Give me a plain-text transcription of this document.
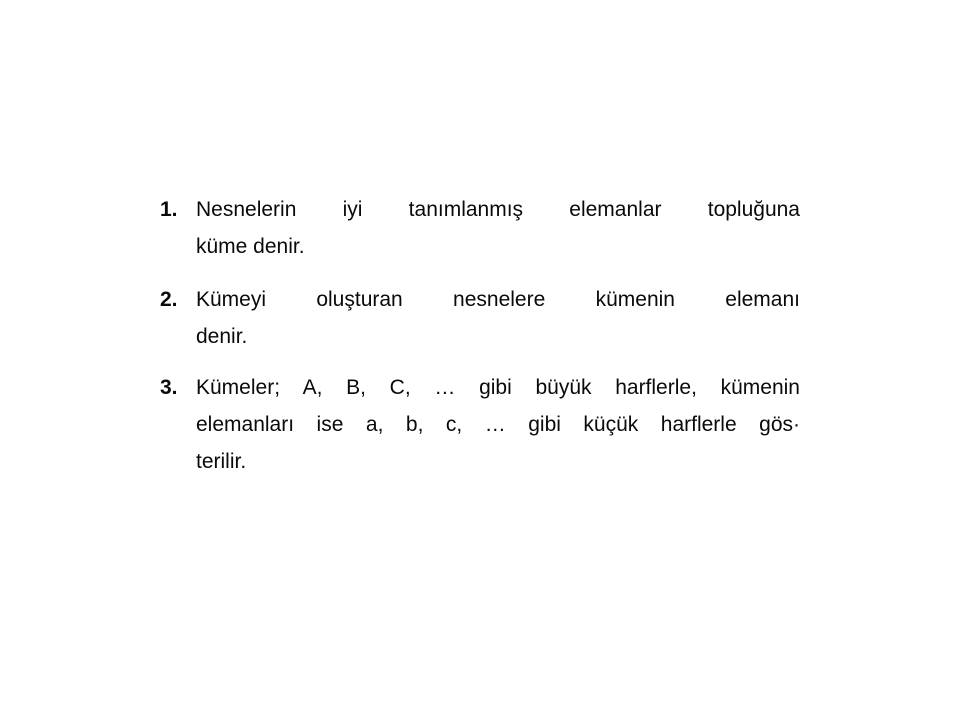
1. Nesnelerin iyi tanımlanmış elemanlar topluğuna
küme denir.
2. Kümeyi oluşturan nesnelere kümenin elemanı
denir.
3. Kümeler; A, B, C, … gibi büyük harflerle, kümenin
elemanları ise a, b, c, … gibi küçük harflerle gös·
terilir.
